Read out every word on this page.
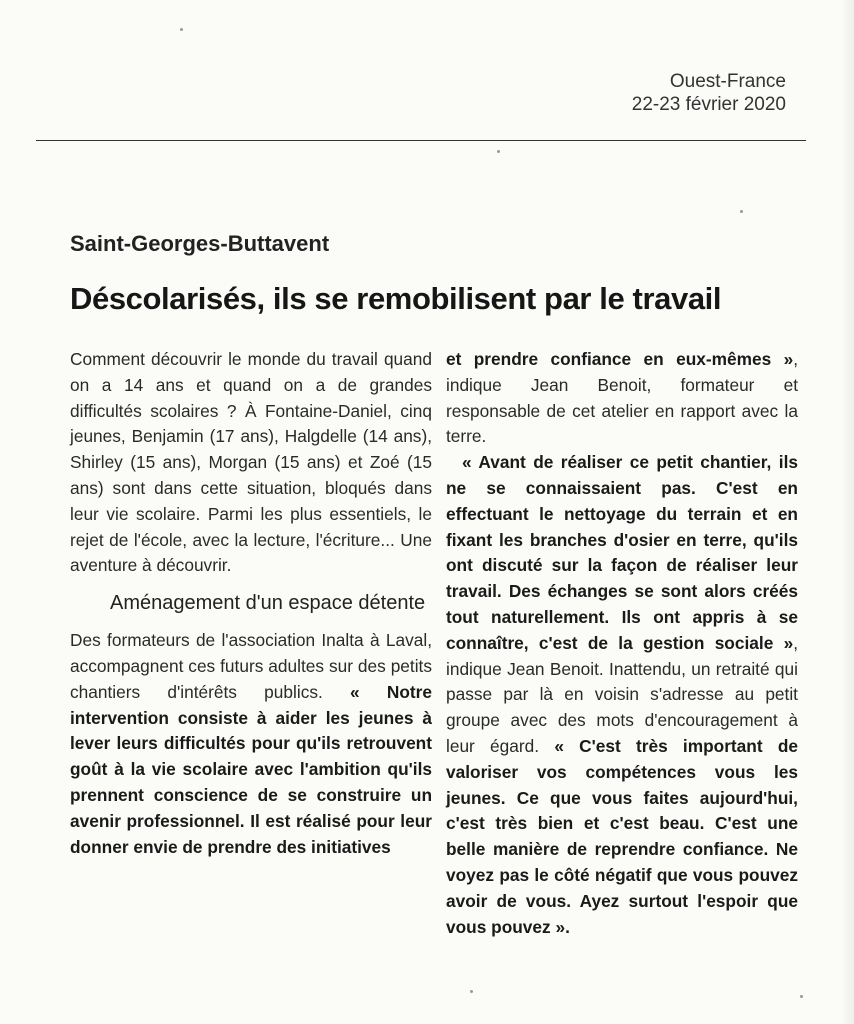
Ouest-France
22-23 février 2020
Saint-Georges-Buttavent
Déscolarisés, ils se remobilisent par le travail

Comment découvrir le monde du travail quand on a 14 ans et quand on a de grandes difficultés scolaires ? À Fontaine-Daniel, cinq jeunes, Benjamin (17 ans), Halgdelle (14 ans), Shirley (15 ans), Morgan (15 ans) et Zoé (15 ans) sont dans cette situation, bloqués dans leur vie scolaire. Parmi les plus essentiels, le rejet de l'école, avec la lecture, l'écriture... Une aventure à découvrir.

Aménagement d'un espace détente

Des formateurs de l'association Inalta à Laval, accompagnent ces futurs adultes sur des petits chantiers d'intérêts publics. « Notre intervention consiste à aider les jeunes à lever leurs difficultés pour qu'ils retrouvent goût à la vie scolaire avec l'ambition qu'ils prennent conscience de se construire un avenir professionnel. Il est réalisé pour leur donner envie de prendre des initiatives

et prendre confiance en eux-mêmes », indique Jean Benoit, formateur et responsable de cet atelier en rapport avec la terre.

« Avant de réaliser ce petit chantier, ils ne se connaissaient pas. C'est en effectuant le nettoyage du terrain et en fixant les branches d'osier en terre, qu'ils ont discuté sur la façon de réaliser leur travail. Des échanges se sont alors créés tout naturellement. Ils ont appris à se connaître, c'est de la gestion sociale », indique Jean Benoit. Inattendu, un retraité qui passe par là en voisin s'adresse au petit groupe avec des mots d'encouragement à leur égard. « C'est très important de valoriser vos compétences vous les jeunes. Ce que vous faites aujourd'hui, c'est très bien et c'est beau. C'est une belle manière de reprendre confiance. Ne voyez pas le côté négatif que vous pouvez avoir de vous. Ayez surtout l'espoir que vous pouvez ».
